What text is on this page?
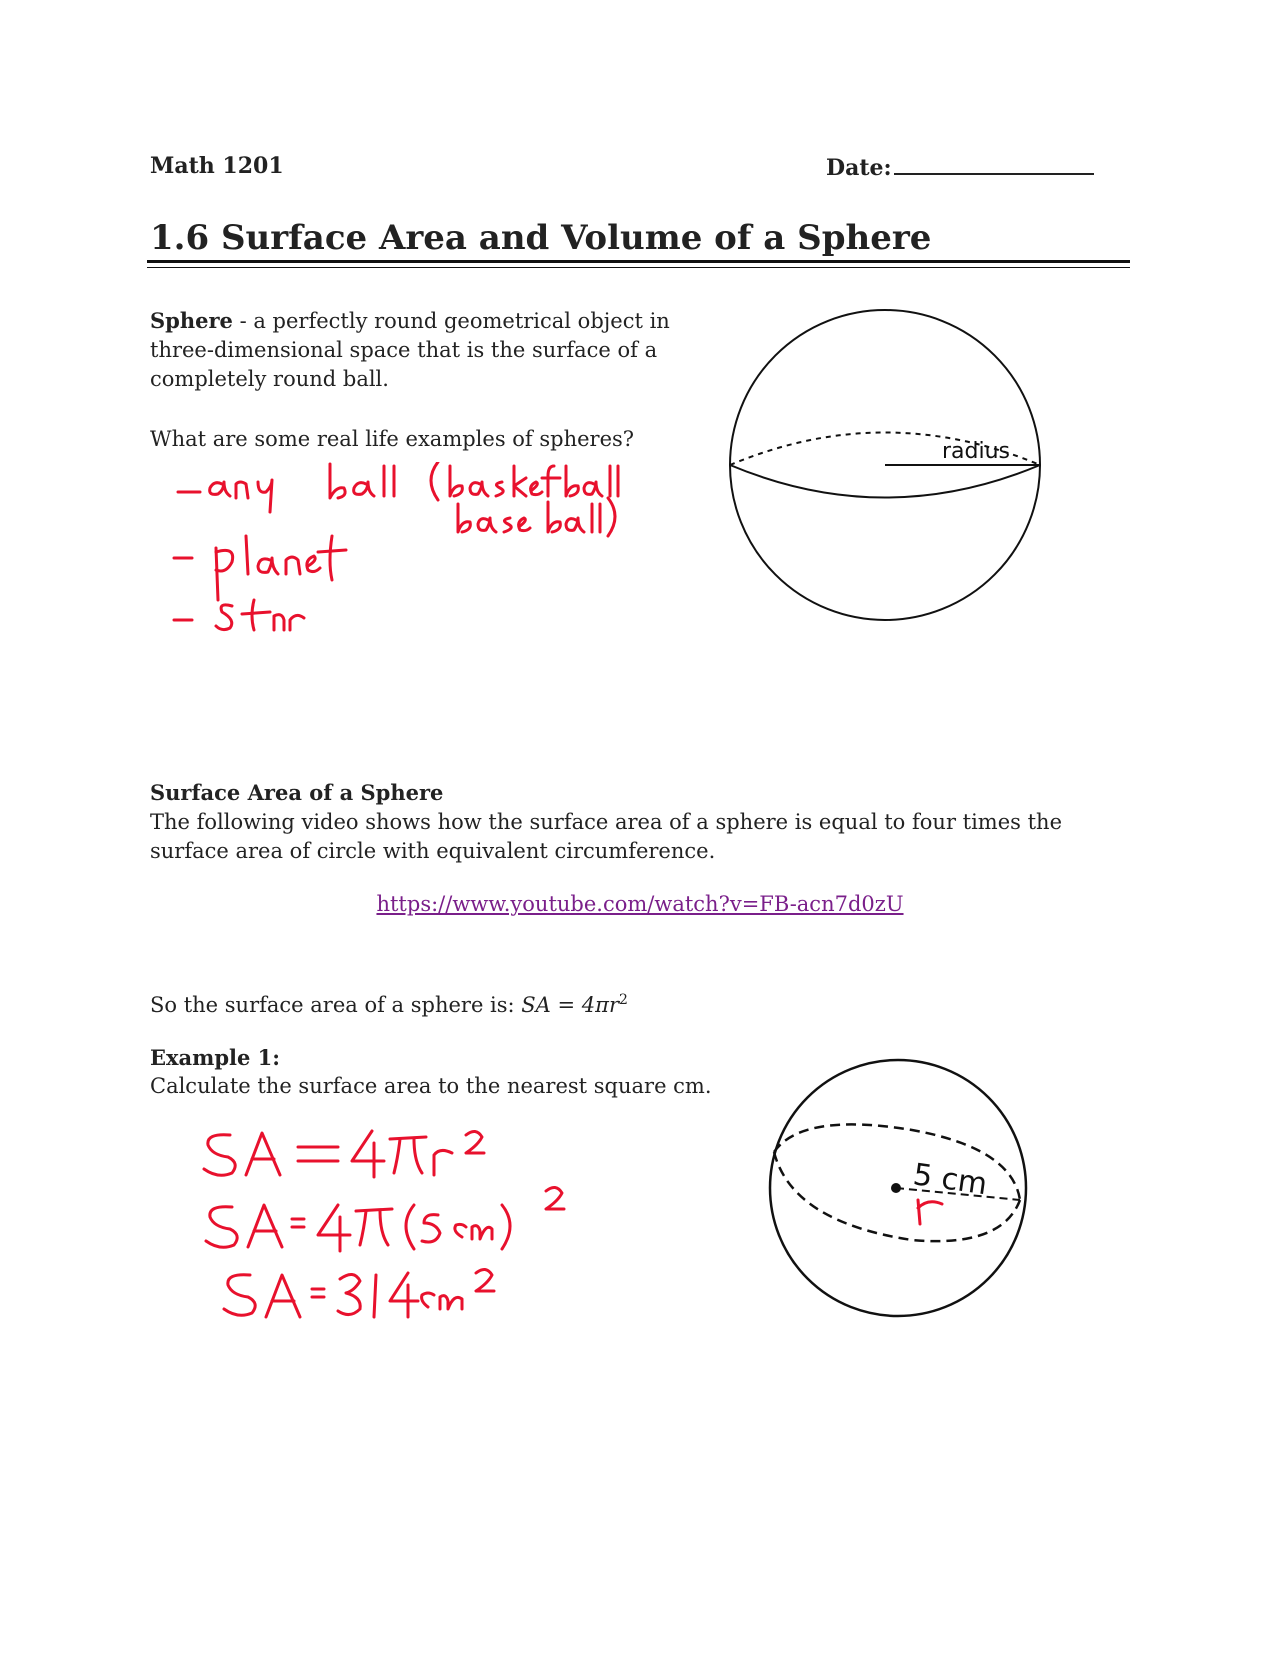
Math 1201	Date:
1.6 Surface Area and Volume of a Sphere
Sphere - a perfectly round geometrical object in three-dimensional space that is the surface of a completely round ball.
What are some real life examples of spheres?	radius
Surface Area of a Sphere
The following video shows how the surface area of a sphere is equal to four times the surface area of circle with equivalent circumference.
https://www.youtube.com/watch?v=FB-acn7d0zU
So the surface area of a sphere is: SA = $4\pi r^2$
Example 1:
Calculate the surface area to the nearest square cm.
5 cm
